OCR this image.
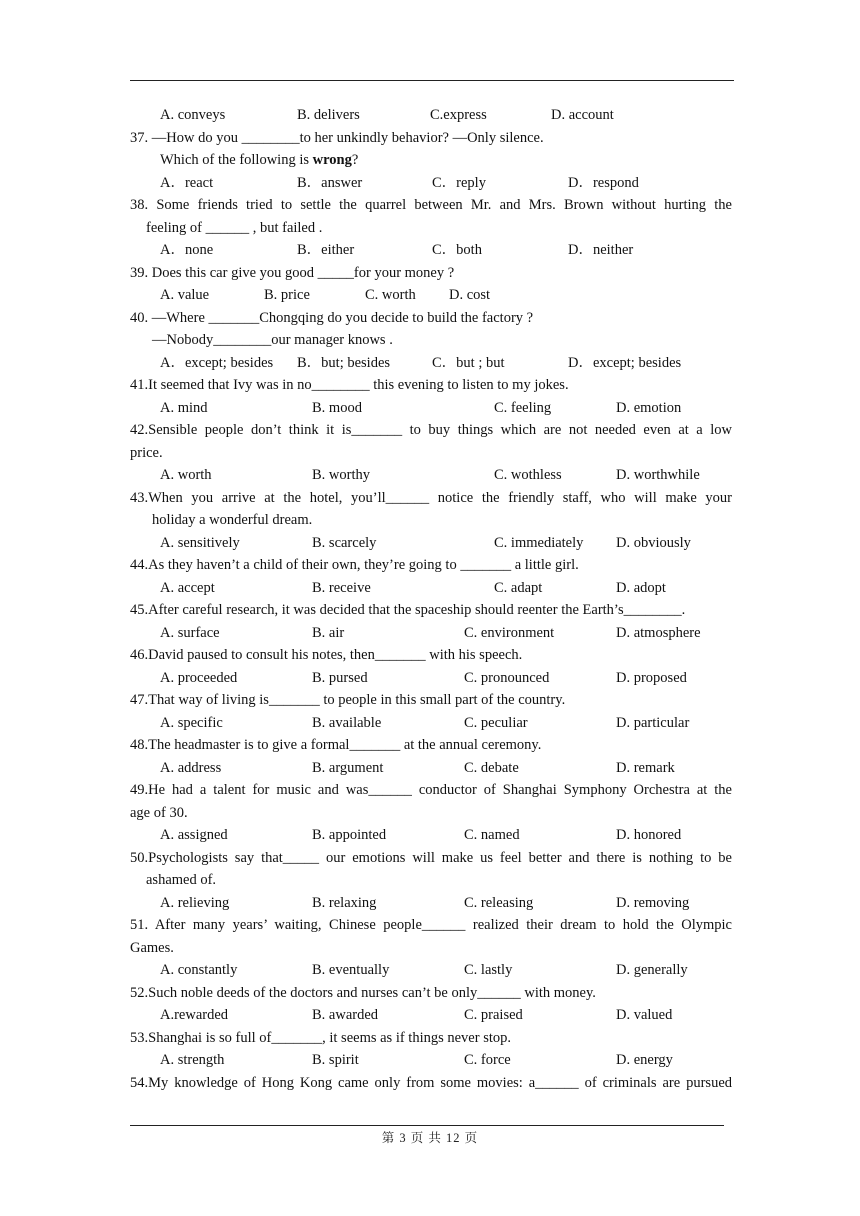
A. conveys	B. delivers	C.express	D. account
37. —How do you ________to her unkindly behavior? —Only silence.
Which of the following is wrong?
A．react	B．answer	C．reply	D．respond
38. Some friends tried to settle the quarrel between Mr. and Mrs. Brown without hurting the
feeling of ______ , but failed .
A．none	B．either	C．both	D．neither
39. Does this car give you good _____for your money ?
A. value	B. price	C. worth D. cost
40. —Where _______Chongqing do you decide to build the factory ?
—Nobody________our manager knows .
A．except; besides B．but; besides	C．but ; but	D．except; besides
41.It seemed that Ivy was in no________ this evening to listen to my jokes.
A. mind	B. mood	C. feeling	D. emotion
42.Sensible people don’t think it is_______ to buy things which are not needed even at a low
price.
A. worth	B. worthy	C. wothless	D. worthwhile
43.When you arrive at the hotel, you’ll______ notice the friendly staff, who will make your
holiday a wonderful dream.
A. sensitively	B. scarcely	C. immediately D. obviously
44.As they haven’t a child of their own, they’re going to _______ a little girl.
A. accept	B. receive	C. adapt	D. adopt
45.After careful research, it was decided that the spaceship should reenter the Earth’s________.
A. surface	B. air	C. environment	D. atmosphere
46.David paused to consult his notes, then_______ with his speech.
A. proceeded	B. pursed	C. pronounced	D. proposed
47.That way of living is_______ to people in this small part of the country.
A. specific	B. available	C. peculiar	D. particular
48.The headmaster is to give a formal_______ at the annual ceremony.
A. address	B. argument	C. debate	D. remark
49.He had a talent for music and was______ conductor of Shanghai Symphony Orchestra at the
age of 30.
A. assigned	B. appointed	C. named	D. honored
50.Psychologists say that_____ our emotions will make us feel better and there is nothing to be
ashamed of.
A. relieving	B. relaxing	C. releasing	D. removing
51. After many years’ waiting, Chinese people______ realized their dream to hold the Olympic
Games.
A. constantly	B. eventually	C. lastly	D. generally
52.Such noble deeds of the doctors and nurses can’t be only______ with money.
A.rewarded	B. awarded	C. praised	D. valued
53.Shanghai is so full of_______, it seems as if things never stop.
A. strength	B. spirit	C. force	D. energy
54.My knowledge of Hong Kong came only from some movies: a______ of criminals are pursued
第 3 页 共 12 页
